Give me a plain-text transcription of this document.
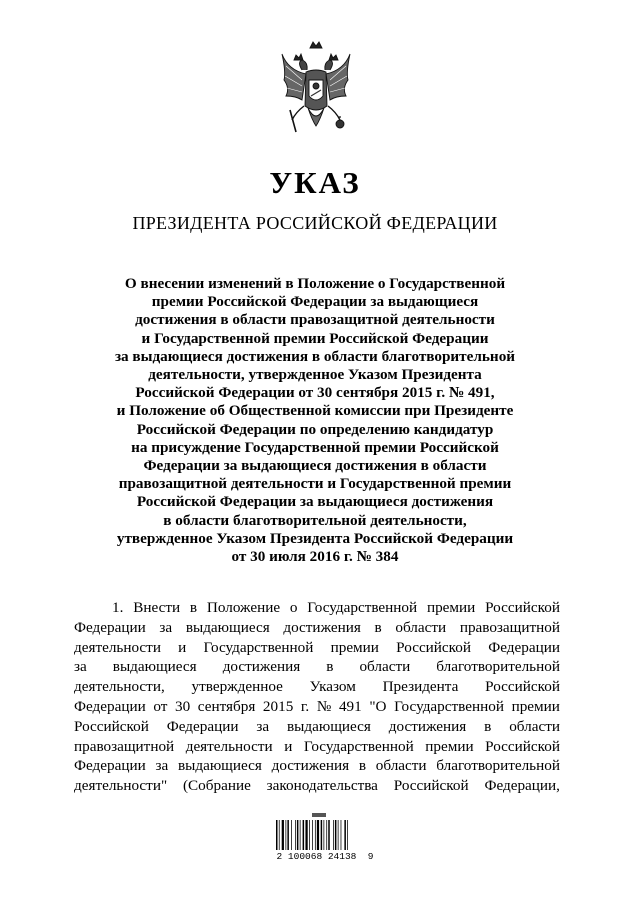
УКАЗ
ПРЕЗИДЕНТА РОССИЙСКОЙ ФЕДЕРАЦИИ
О внесении изменений в Положение о Государственной
премии Российской Федерации за выдающиеся
достижения в области правозащитной деятельности
и Государственной премии Российской Федерации
за выдающиеся достижения в области благотворительной
деятельности, утвержденное Указом Президента
Российской Федерации от 30 сентября 2015 г. № 491,
и Положение об Общественной комиссии при Президенте
Российской Федерации по определению кандидатур
на присуждение Государственной премии Российской
Федерации за выдающиеся достижения в области
правозащитной деятельности и Государственной премии
Российской Федерации за выдающиеся достижения
в области благотворительной деятельности,
утвержденное Указом Президента Российской Федерации
от 30 июля 2016 г. № 384
1. Внести в Положение о Государственной премии Российской
Федерации за выдающиеся достижения в области правозащитной
деятельности и Государственной премии Российской Федерации
за выдающиеся достижения в области благотворительной
деятельности, утвержденное Указом Президента Российской
Федерации от 30 сентября 2015 г. № 491 "О Государственной премии
Российской Федерации за выдающиеся достижения в области
правозащитной деятельности и Государственной премии Российской
Федерации за выдающиеся достижения в области благотворительной
деятельности" (Собрание законодательства Российской Федерации,
2 100068 24138  9
